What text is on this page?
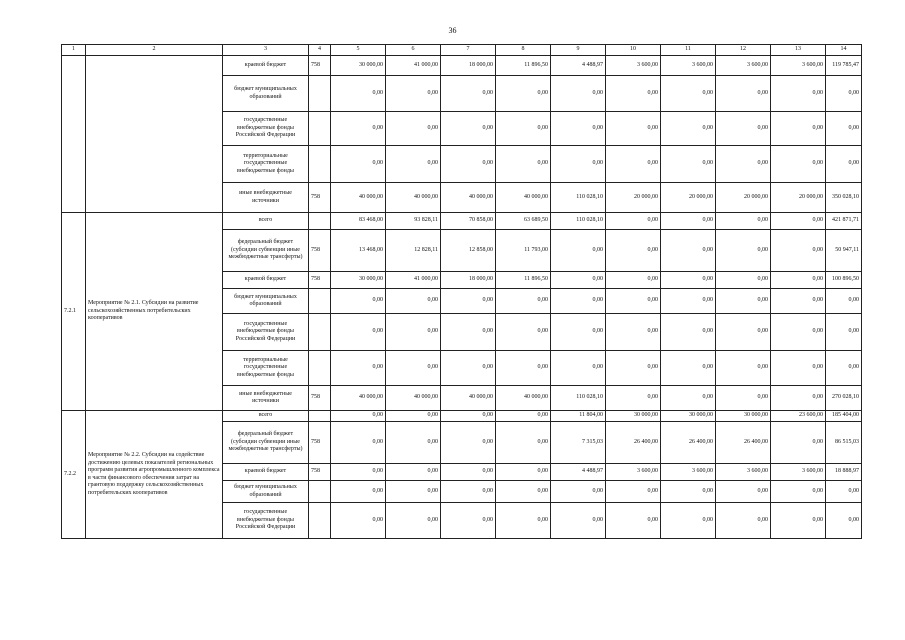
36
1	2	3	4	5	6	7	8	9	10	11	12	13	14
		краевой бюджет	758	30 000,00	41 000,00	18 000,00	11 896,50	4 488,97	3 600,00	3 600,00	3 600,00	3 600,00	119 785,47
		бюджет муниципальных образований		0,00	0,00	0,00	0,00	0,00	0,00	0,00	0,00	0,00	0,00
		государственные внебюджетные фонды Российской Федерации		0,00	0,00	0,00	0,00	0,00	0,00	0,00	0,00	0,00	0,00
		территориальные государственные внебюджетные фонды		0,00	0,00	0,00	0,00	0,00	0,00	0,00	0,00	0,00	0,00
		иные внебюджетные источники	758	40 000,00	40 000,00	40 000,00	40 000,00	110 028,10	20 000,00	20 000,00	20 000,00	20 000,00	350 028,10
7.2.1	Мероприятие № 2.1. Субсидии на развитие сельскохозяйственных потребительских кооперативов	всего		83 468,00	93 828,11	70 858,00	63 689,50	110 028,10	0,00	0,00	0,00	0,00	421 871,71
		федеральный бюджет (субсидии субвенции иные межбюджетные трансферты)	758	13 468,00	12 828,11	12 858,00	11 793,00	0,00	0,00	0,00	0,00	0,00	50 947,11
		краевой бюджет	758	30 000,00	41 000,00	18 000,00	11 896,50	0,00	0,00	0,00	0,00	0,00	100 896,50
		бюджет муниципальных образований		0,00	0,00	0,00	0,00	0,00	0,00	0,00	0,00	0,00	0,00
		государственные внебюджетные фонды Российской Федерации		0,00	0,00	0,00	0,00	0,00	0,00	0,00	0,00	0,00	0,00
		территориальные государственные внебюджетные фонды		0,00	0,00	0,00	0,00	0,00	0,00	0,00	0,00	0,00	0,00
		иные внебюджетные источники	758	40 000,00	40 000,00	40 000,00	40 000,00	110 028,10	0,00	0,00	0,00	0,00	270 028,10
7.2.2	Мероприятие № 2.2. Субсидии на содействие достижению целевых показателей региональных программ развития агропромышленного комплекса в части финансового обеспечения затрат на грантовую поддержку сельскохозяйственных потребительских кооперативов	всего		0,00	0,00	0,00	0,00	11 804,00	30 000,00	30 000,00	30 000,00	23 600,00	185 404,00
		федеральный бюджет (субсидии субвенции иные межбюджетные трансферты)	758	0,00	0,00	0,00	0,00	7 315,03	26 400,00	26 400,00	26 400,00	0,00	86 515,03
		краевой бюджет	758	0,00	0,00	0,00	0,00	4 488,97	3 600,00	3 600,00	3 600,00	3 600,00	18 888,97
		бюджет муниципальных образований		0,00	0,00	0,00	0,00	0,00	0,00	0,00	0,00	0,00	0,00
		государственные внебюджетные фонды Российской Федерации		0,00	0,00	0,00	0,00	0,00	0,00	0,00	0,00	0,00	0,00
